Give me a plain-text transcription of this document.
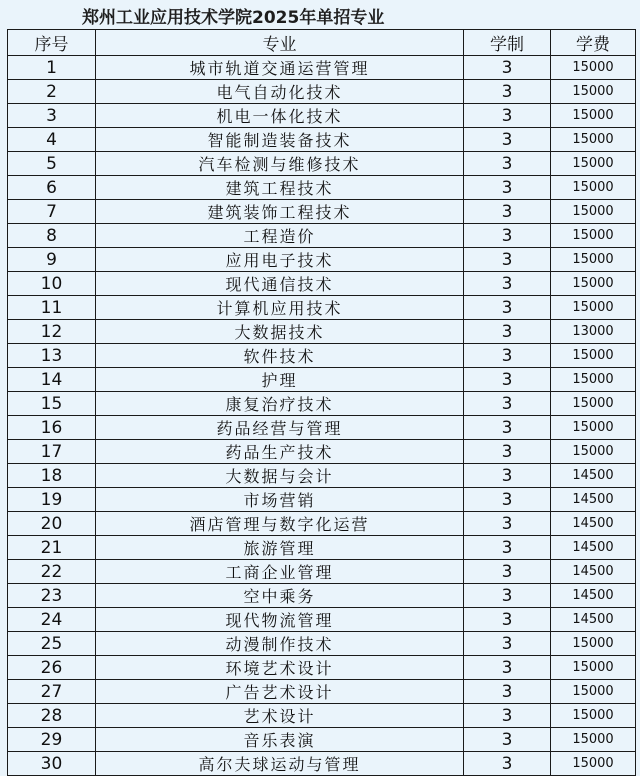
郑州工业应用技术学院2025年单招专业
序号	专业	学制	学费
1	城市轨道交通运营管理	3	15000
2	电气自动化技术	3	15000
3	机电一体化技术	3	15000
4	智能制造装备技术	3	15000
5	汽车检测与维修技术	3	15000
6	建筑工程技术	3	15000
7	建筑装饰工程技术	3	15000
8	工程造价	3	15000
9	应用电子技术	3	15000
10	现代通信技术	3	15000
11	计算机应用技术	3	15000
12	大数据技术	3	13000
13	软件技术	3	15000
14	护理	3	15000
15	康复治疗技术	3	15000
16	药品经营与管理	3	15000
17	药品生产技术	3	15000
18	大数据与会计	3	14500
19	市场营销	3	14500
20	酒店管理与数字化运营	3	14500
21	旅游管理	3	14500
22	工商企业管理	3	14500
23	空中乘务	3	14500
24	现代物流管理	3	14500
25	动漫制作技术	3	15000
26	环境艺术设计	3	15000
27	广告艺术设计	3	15000
28	艺术设计	3	15000
29	音乐表演	3	15000
30	高尔夫球运动与管理	3	15000
